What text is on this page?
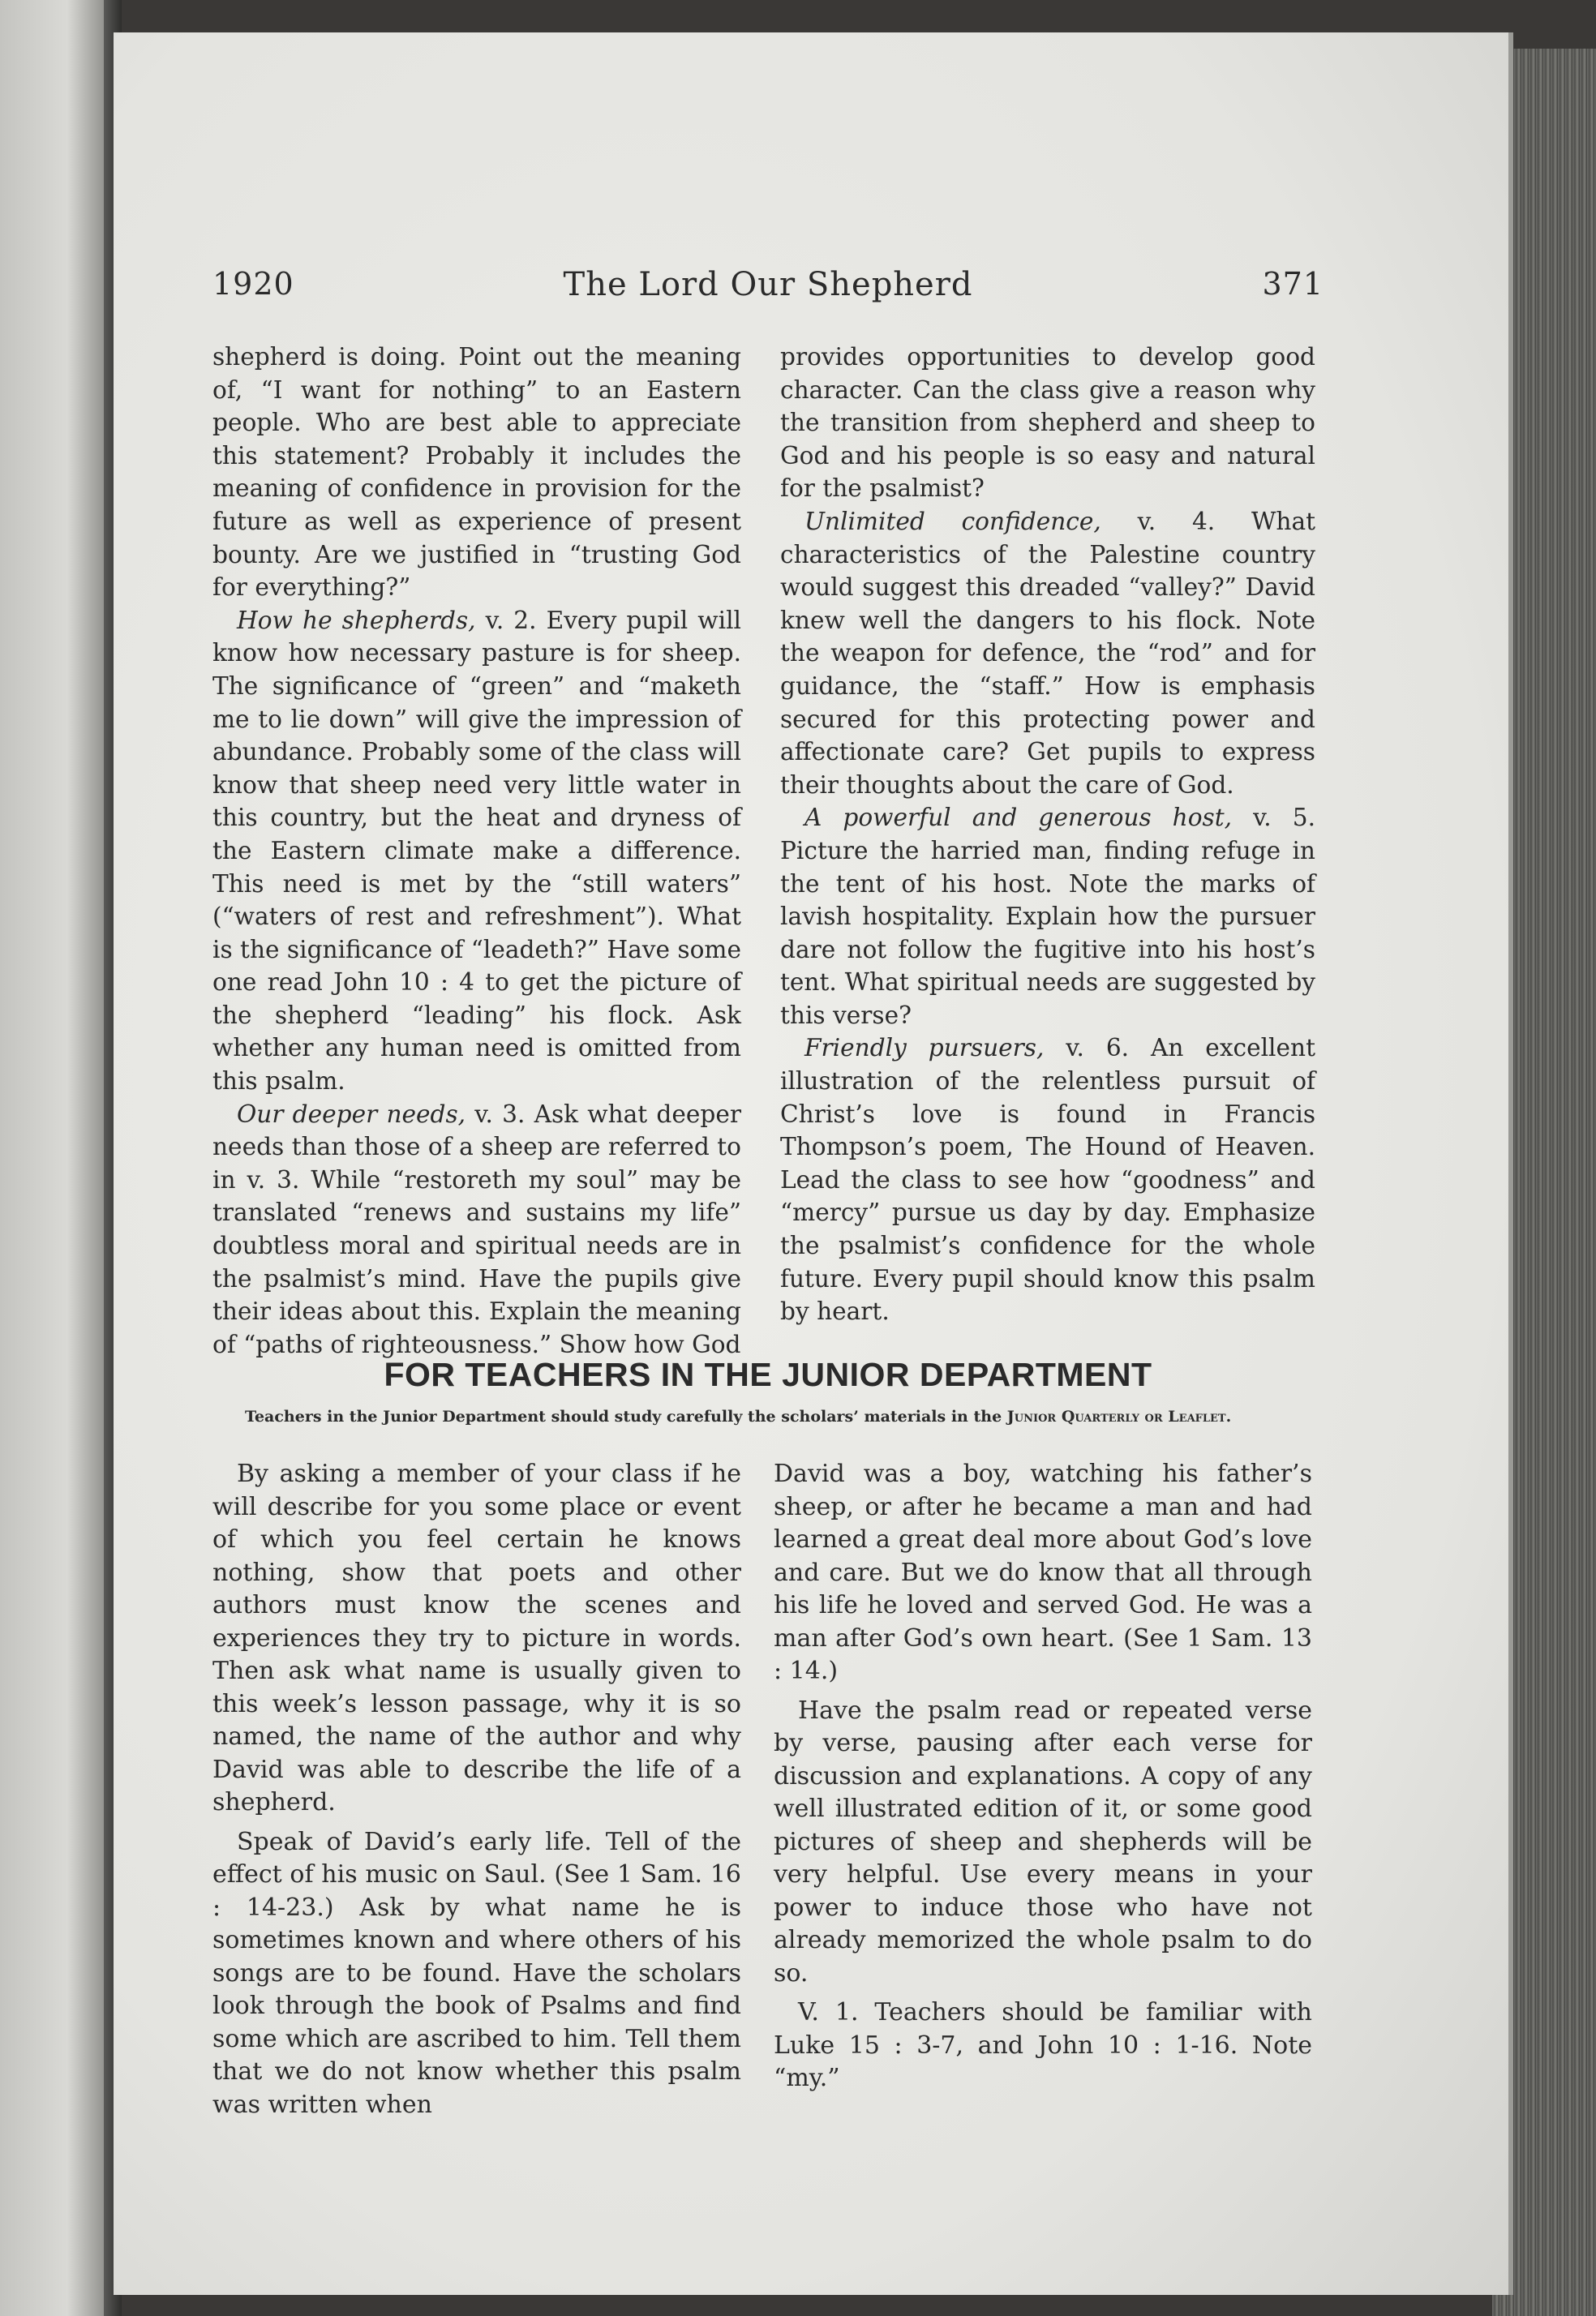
1920	The Lord Our Shepherd	371

shepherd is doing. Point out the meaning of, “I want for nothing” to an Eastern people. Who are best able to appreciate this statement? Probably it includes the meaning of confidence in provision for the future as well as experience of present bounty. Are we justified in “trusting God for everything?”

How he shepherds, v. 2. Every pupil will know how necessary pasture is for sheep. The significance of “green” and “maketh me to lie down” will give the impression of abundance. Probably some of the class will know that sheep need very little water in this country, but the heat and dryness of the Eastern climate make a difference. This need is met by the “still waters” (“waters of rest and refreshment”). What is the significance of “leadeth?” Have some one read John 10 : 4 to get the picture of the shepherd “leading” his flock. Ask whether any human need is omitted from this psalm.

Our deeper needs, v. 3. Ask what deeper needs than those of a sheep are referred to in v. 3. While “restoreth my soul” may be translated “renews and sustains my life” doubtless moral and spiritual needs are in the psalmist’s mind. Have the pupils give their ideas about this. Explain the meaning of “paths of righteousness.” Show how God

provides opportunities to develop good character. Can the class give a reason why the transition from shepherd and sheep to God and his people is so easy and natural for the psalmist?

Unlimited confidence, v. 4. What characteristics of the Palestine country would suggest this dreaded “valley?” David knew well the dangers to his flock. Note the weapon for defence, the “rod” and for guidance, the “staff.” How is emphasis secured for this protecting power and affectionate care? Get pupils to express their thoughts about the care of God.

A powerful and generous host, v. 5. Picture the harried man, finding refuge in the tent of his host. Note the marks of lavish hospitality. Explain how the pursuer dare not follow the fugitive into his host’s tent. What spiritual needs are suggested by this verse?

Friendly pursuers, v. 6. An excellent illustration of the relentless pursuit of Christ’s love is found in Francis Thompson’s poem, The Hound of Heaven. Lead the class to see how “goodness” and “mercy” pursue us day by day. Emphasize the psalmist’s confidence for the whole future. Every pupil should know this psalm by heart.

FOR TEACHERS IN THE JUNIOR DEPARTMENT
Teachers in the Junior Department should study carefully the scholars’ materials in the Junior Quarterly or Leaflet.

By asking a member of your class if he will describe for you some place or event of which you feel certain he knows nothing, show that poets and other authors must know the scenes and experiences they try to picture in words. Then ask what name is usually given to this week’s lesson passage, why it is so named, the name of the author and why David was able to describe the life of a shepherd.

Speak of David’s early life. Tell of the effect of his music on Saul. (See 1 Sam. 16 : 14-23.) Ask by what name he is sometimes known and where others of his songs are to be found. Have the scholars look through the book of Psalms and find some which are ascribed to him. Tell them that we do not know whether this psalm was written when

David was a boy, watching his father’s sheep, or after he became a man and had learned a great deal more about God’s love and care. But we do know that all through his life he loved and served God. He was a man after God’s own heart. (See 1 Sam. 13 : 14.)

Have the psalm read or repeated verse by verse, pausing after each verse for discussion and explanations. A copy of any well illustrated edition of it, or some good pictures of sheep and shepherds will be very helpful. Use every means in your power to induce those who have not already memorized the whole psalm to do so.

V. 1. Teachers should be familiar with Luke 15 : 3-7, and John 10 : 1-16. Note “my.”
